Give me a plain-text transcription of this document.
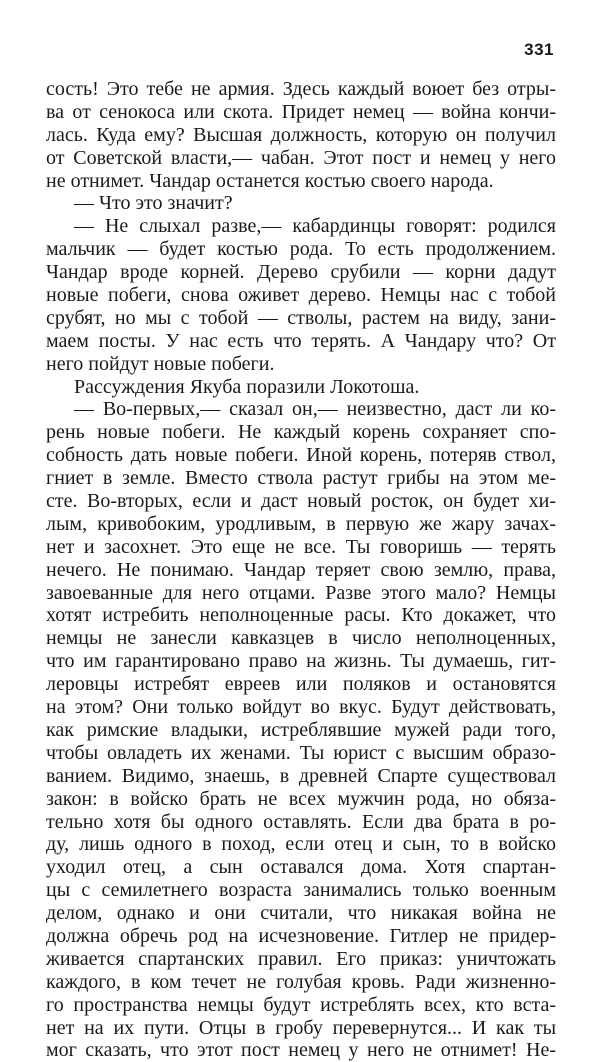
331
сость! Это тебе не армия. Здесь каждый воюет без отры-
ва от сенокоса или скота. Придет немец — война кончи-
лась. Куда ему? Высшая должность, которую он получил
от Советской власти,— чабан. Этот пост и немец у него
не отнимет. Чандар останется костью своего народа.
— Что это значит?
— Не слыхал разве,— кабардинцы говорят: родился
мальчик — будет костью рода. То есть продолжением.
Чандар вроде корней. Дерево срубили — корни дадут
новые побеги, снова оживет дерево. Немцы нас с тобой
срубят, но мы с тобой — стволы, растем на виду, зани-
маем посты. У нас есть что терять. А Чандару что? От
него пойдут новые побеги.
Рассуждения Якуба поразили Локотоша.
— Во-первых,— сказал он,— неизвестно, даст ли ко-
рень новые побеги. Не каждый корень сохраняет спо-
собность дать новые побеги. Иной корень, потеряв ствол,
гниет в земле. Вместо ствола растут грибы на этом ме-
сте. Во-вторых, если и даст новый росток, он будет хи-
лым, кривобоким, уродливым, в первую же жару зачах-
нет и засохнет. Это еще не все. Ты говоришь — терять
нечего. Не понимаю. Чандар теряет свою землю, права,
завоеванные для него отцами. Разве этого мало? Немцы
хотят истребить неполноценные расы. Кто докажет, что
немцы не занесли кавказцев в число неполноценных,
что им гарантировано право на жизнь. Ты думаешь, гит-
леровцы истребят евреев или поляков и остановятся
на этом? Они только войдут во вкус. Будут действовать,
как римские владыки, истреблявшие мужей ради того,
чтобы овладеть их женами. Ты юрист с высшим образо-
ванием. Видимо, знаешь, в древней Спарте существовал
закон: в войско брать не всех мужчин рода, но обяза-
тельно хотя бы одного оставлять. Если два брата в ро-
ду, лишь одного в поход, если отец и сын, то в войско
уходил отец, а сын оставался дома. Хотя спартан-
цы с семилетнего возраста занимались только военным
делом, однако и они считали, что никакая война не
должна обречь род на исчезновение. Гитлер не придер-
живается спартанских правил. Его приказ: уничтожать
каждого, в ком течет не голубая кровь. Ради жизненно-
го пространства немцы будут истреблять всех, кто вста-
нет на их пути. Отцы в гробу перевернутся... И как ты
мог сказать, что этот пост немец у него не отнимет! Не-
